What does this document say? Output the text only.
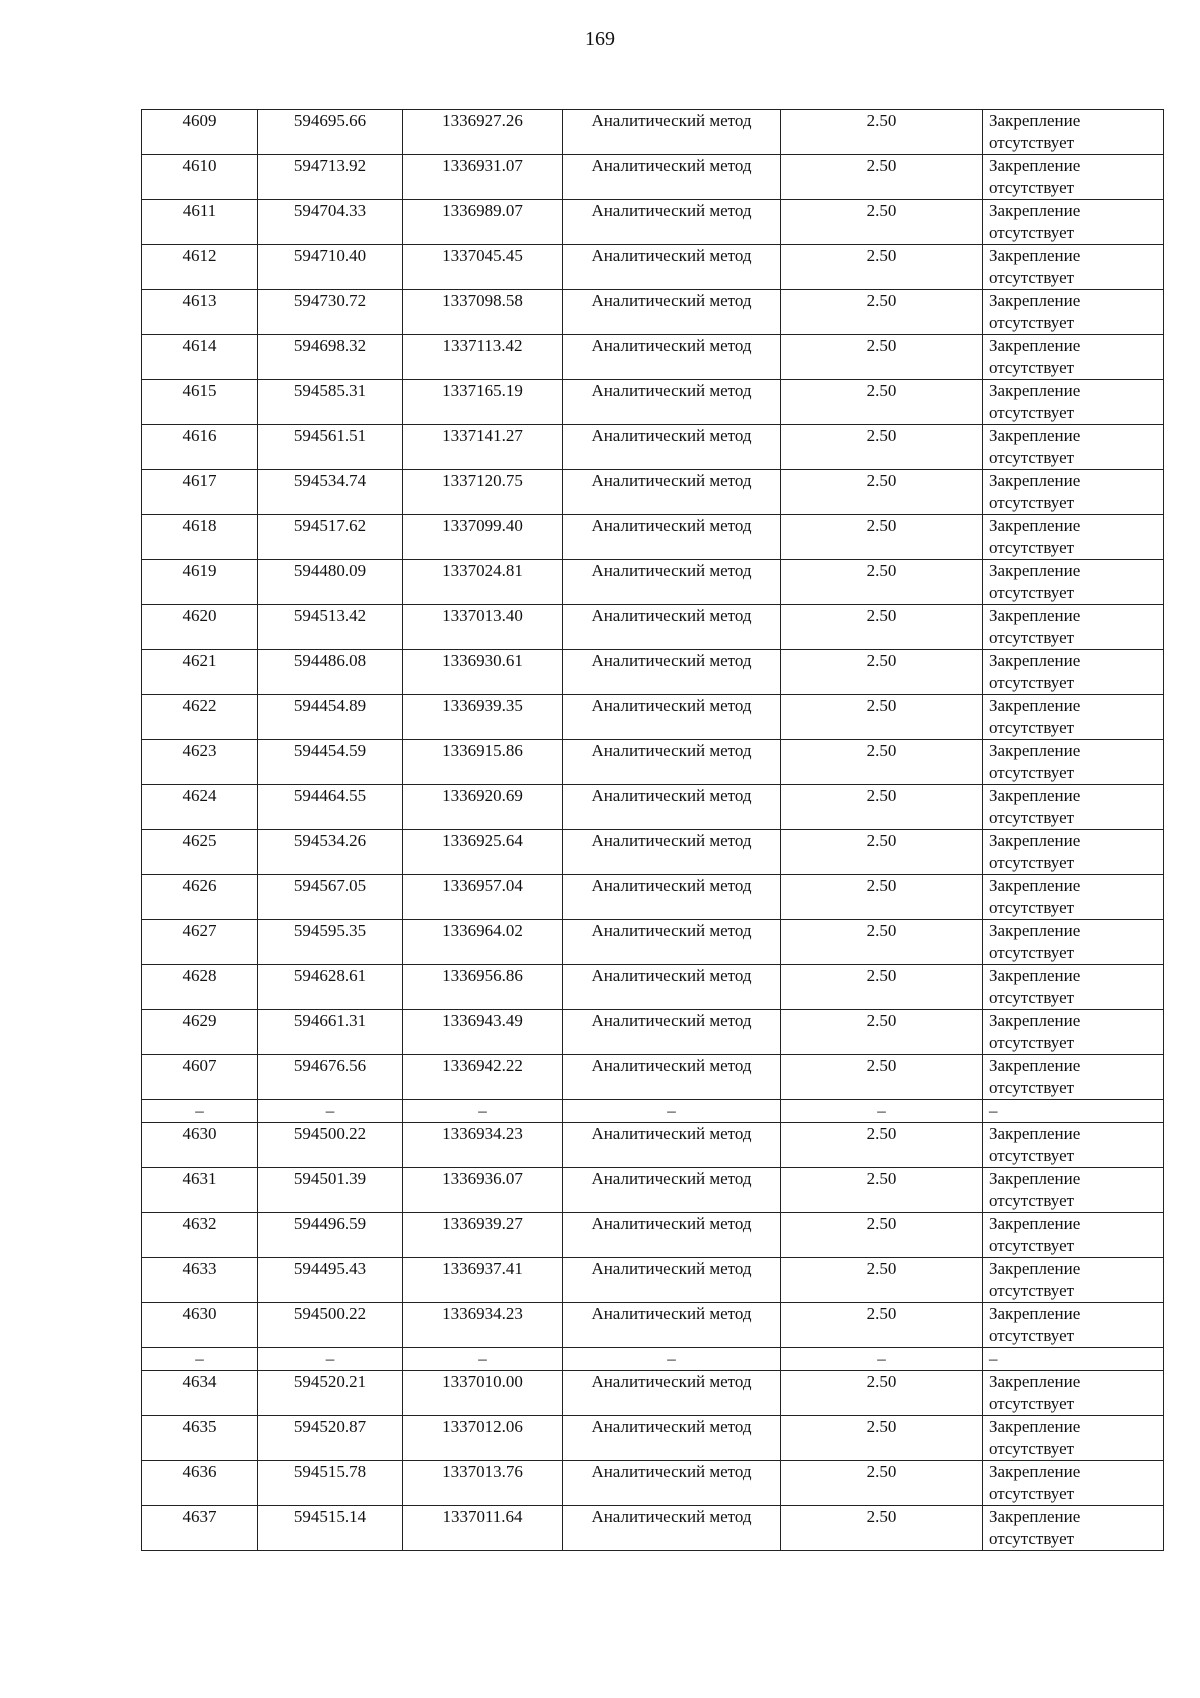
169
4609	594695.66	1336927.26	Аналитический метод	2.50	Закрепление отсутствует
4610	594713.92	1336931.07	Аналитический метод	2.50	Закрепление отсутствует
4611	594704.33	1336989.07	Аналитический метод	2.50	Закрепление отсутствует
4612	594710.40	1337045.45	Аналитический метод	2.50	Закрепление отсутствует
4613	594730.72	1337098.58	Аналитический метод	2.50	Закрепление отсутствует
4614	594698.32	1337113.42	Аналитический метод	2.50	Закрепление отсутствует
4615	594585.31	1337165.19	Аналитический метод	2.50	Закрепление отсутствует
4616	594561.51	1337141.27	Аналитический метод	2.50	Закрепление отсутствует
4617	594534.74	1337120.75	Аналитический метод	2.50	Закрепление отсутствует
4618	594517.62	1337099.40	Аналитический метод	2.50	Закрепление отсутствует
4619	594480.09	1337024.81	Аналитический метод	2.50	Закрепление отсутствует
4620	594513.42	1337013.40	Аналитический метод	2.50	Закрепление отсутствует
4621	594486.08	1336930.61	Аналитический метод	2.50	Закрепление отсутствует
4622	594454.89	1336939.35	Аналитический метод	2.50	Закрепление отсутствует
4623	594454.59	1336915.86	Аналитический метод	2.50	Закрепление отсутствует
4624	594464.55	1336920.69	Аналитический метод	2.50	Закрепление отсутствует
4625	594534.26	1336925.64	Аналитический метод	2.50	Закрепление отсутствует
4626	594567.05	1336957.04	Аналитический метод	2.50	Закрепление отсутствует
4627	594595.35	1336964.02	Аналитический метод	2.50	Закрепление отсутствует
4628	594628.61	1336956.86	Аналитический метод	2.50	Закрепление отсутствует
4629	594661.31	1336943.49	Аналитический метод	2.50	Закрепление отсутствует
4607	594676.56	1336942.22	Аналитический метод	2.50	Закрепление отсутствует
–	–	–	–	–	–
4630	594500.22	1336934.23	Аналитический метод	2.50	Закрепление отсутствует
4631	594501.39	1336936.07	Аналитический метод	2.50	Закрепление отсутствует
4632	594496.59	1336939.27	Аналитический метод	2.50	Закрепление отсутствует
4633	594495.43	1336937.41	Аналитический метод	2.50	Закрепление отсутствует
4630	594500.22	1336934.23	Аналитический метод	2.50	Закрепление отсутствует
–	–	–	–	–	–
4634	594520.21	1337010.00	Аналитический метод	2.50	Закрепление отсутствует
4635	594520.87	1337012.06	Аналитический метод	2.50	Закрепление отсутствует
4636	594515.78	1337013.76	Аналитический метод	2.50	Закрепление отсутствует
4637	594515.14	1337011.64	Аналитический метод	2.50	Закрепление отсутствует
